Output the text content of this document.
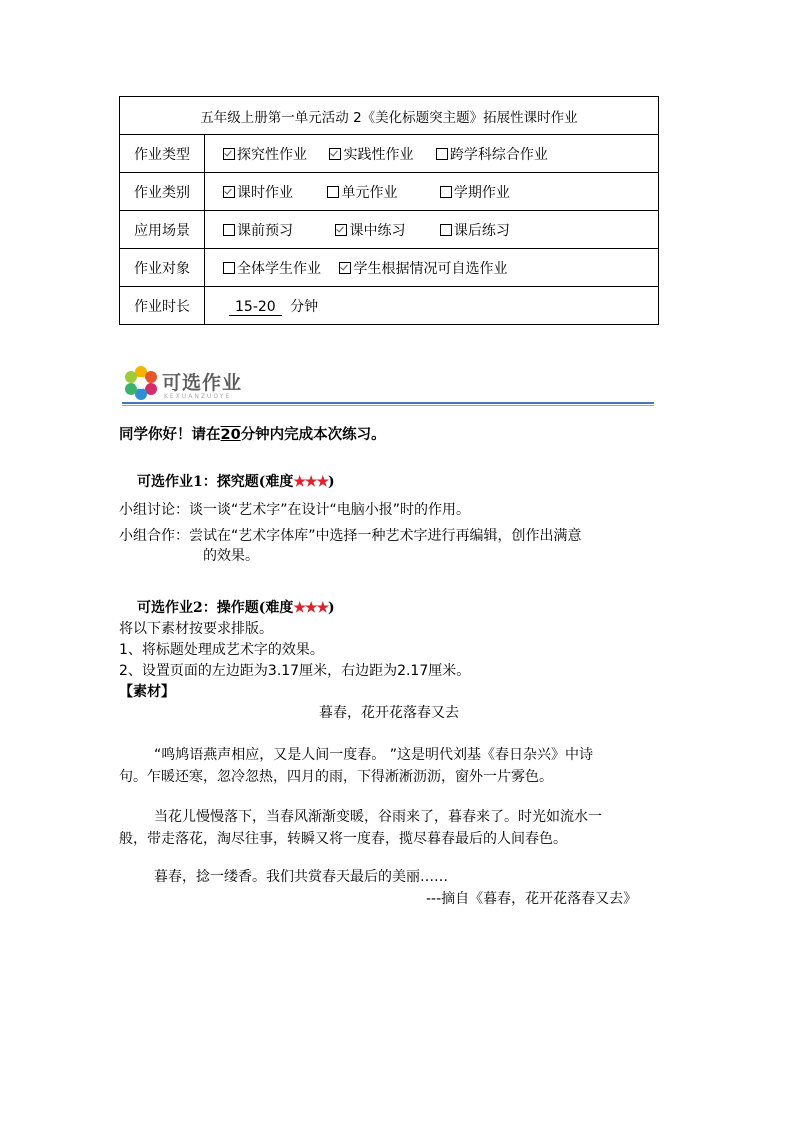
五年级上册第一单元活动 2《美化标题突主题》拓展性课时作业	
作业类型	探究性作业 实践性作业 跨学科综合作业
作业类别	课时作业 单元作业 学期作业
应用场景	课前预习 课中练习 课后练习
作业对象	全体学生作业 学生根据情况可自选作业
作业时长	15-20 分钟
可选作业
KEXUANZUOYE
同学你好！请在20分钟内完成本次练习。
可选作业1：探究题(难度★★★)
小组讨论：谈一谈“艺术字”在设计“电脑小报”时的作用。
小组合作：尝试在“艺术字体库”中选择一种艺术字进行再编辑，创作出满意
的效果。
可选作业2：操作题(难度★★★)
将以下素材按要求排版。
1、将标题处理成艺术字的效果。
2、设置页面的左边距为3.17厘米，右边距为2.17厘米。
【素材】
暮春，花开花落春又去
“鸣鸠语燕声相应，又是人间一度春。 ”这是明代刘基《春日杂兴》中诗
句。乍暖还寒，忽冷忽热，四月的雨，下得淅淅沥沥，窗外一片雾色。
当花儿慢慢落下，当春风渐渐变暖，谷雨来了，暮春来了。时光如流水一
般，带走落花，淘尽往事，转瞬又将一度春，揽尽暮春最后的人间春色。
暮春，捻一缕香。我们共赏春天最后的美丽……
---摘自《暮春，花开花落春又去》
